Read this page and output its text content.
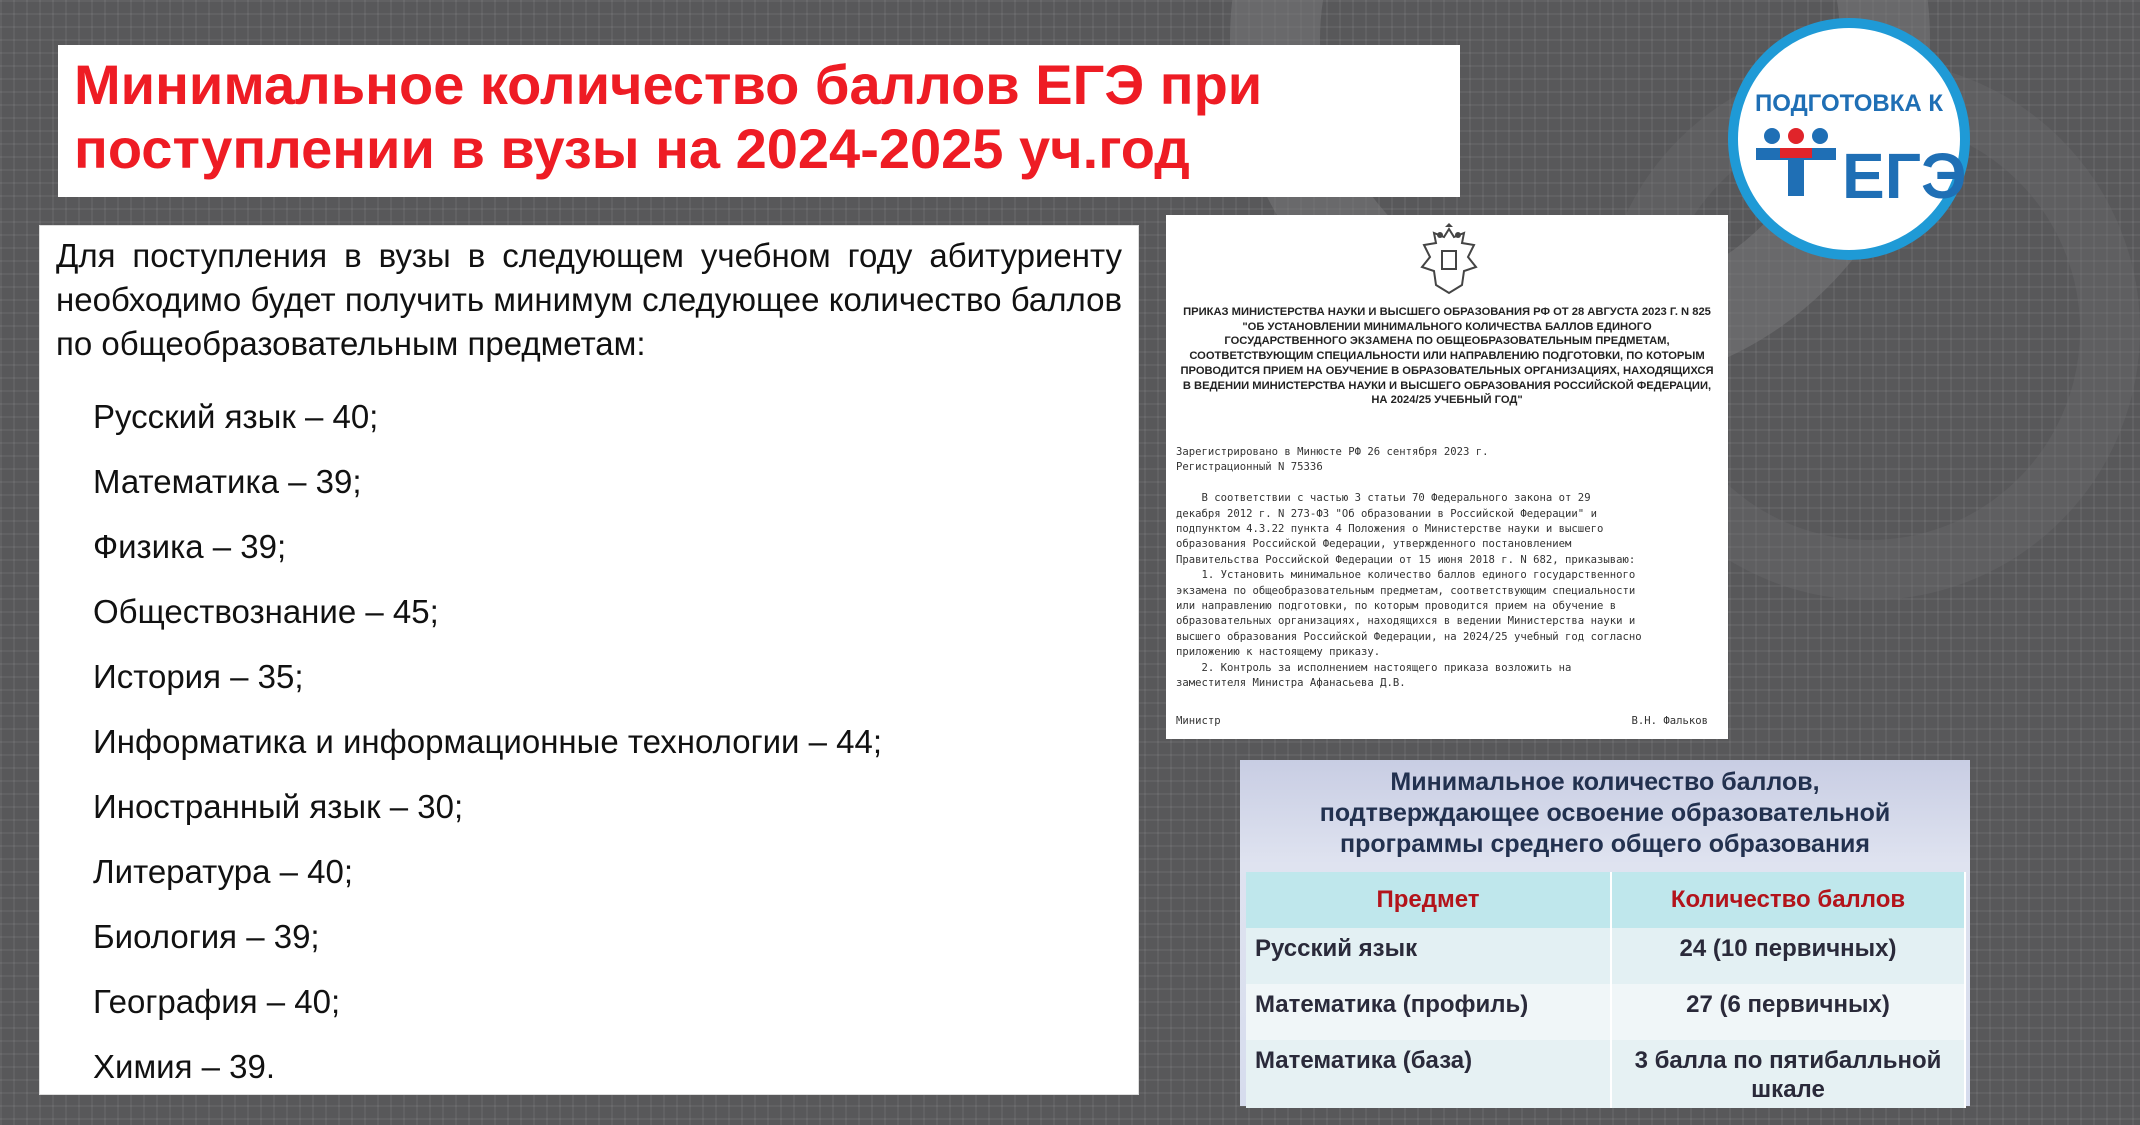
Минимальное количество баллов ЕГЭ при
поступлении в вузы на 2024-2025 уч.год
ПОДГОТОВКА К
ЕГЭ

Для поступления в вузы в следующем учебном году абитуриенту необходимо будет получить минимум следующее количество баллов по общеобразовательным предметам:

Русский язык – 40;
Математика – 39;
Физика – 39;
Обществознание – 45;
История – 35;
Информатика и информационные технологии – 44;
Иностранный язык – 30;
Литература – 40;
Биология – 39;
География – 40;
Химия – 39.
ПРИКАЗ МИНИСТЕРСТВА НАУКИ И ВЫСШЕГО ОБРАЗОВАНИЯ РФ ОТ 28 АВГУСТА 2023 Г. N 825 "ОБ УСТАНОВЛЕНИИ МИНИМАЛЬНОГО КОЛИЧЕСТВА БАЛЛОВ ЕДИНОГО ГОСУДАРСТВЕННОГО ЭКЗАМЕНА ПО ОБЩЕОБРАЗОВАТЕЛЬНЫМ ПРЕДМЕТАМ, СООТВЕТСТВУЮЩИМ СПЕЦИАЛЬНОСТИ ИЛИ НАПРАВЛЕНИЮ ПОДГОТОВКИ, ПО КОТОРЫМ ПРОВОДИТСЯ ПРИЕМ НА ОБУЧЕНИЕ В ОБРАЗОВАТЕЛЬНЫХ ОРГАНИЗАЦИЯХ, НАХОДЯЩИХСЯ В ВЕДЕНИИ МИНИСТЕРСТВА НАУКИ И ВЫСШЕГО ОБРАЗОВАНИЯ РОССИЙСКОЙ ФЕДЕРАЦИИ, НА 2024/25 УЧЕБНЫЙ ГОД"
Зарегистрировано в Минюсте РФ 26 сентября 2023 г.
Регистрационный N 75336

В соответствии с частью 3 статьи 70 Федерального закона от 29
декабря 2012 г. N 273-ФЗ "Об образовании в Российской Федерации" и
подпунктом 4.3.22 пункта 4 Положения о Министерстве науки и высшего
образования Российской Федерации, утвержденного постановлением
Правительства Российской Федерации от 15 июня 2018 г. N 682, приказываю:
1. Установить минимальное количество баллов единого государственного
экзамена по общеобразовательным предметам, соответствующим специальности
или направлению подготовки, по которым проводится прием на обучение в
образовательных организациях, находящихся в ведении Министерства науки и
высшего образования Российской Федерации, на 2024/25 учебный год согласно
приложению к настоящему приказу.
2. Контроль за исполнением настоящего приказа возложить на
заместителя Министра Афанасьева Д.В.
Министр	В.Н. Фальков
Минимальное количество баллов,
подтверждающее освоение образовательной
программы среднего общего образования
Предмет	Количество баллов
Русский язык	24 (10 первичных)
Математика (профиль)	27 (6 первичных)
Математика (база)	3 балла по пятибалльной шкале
